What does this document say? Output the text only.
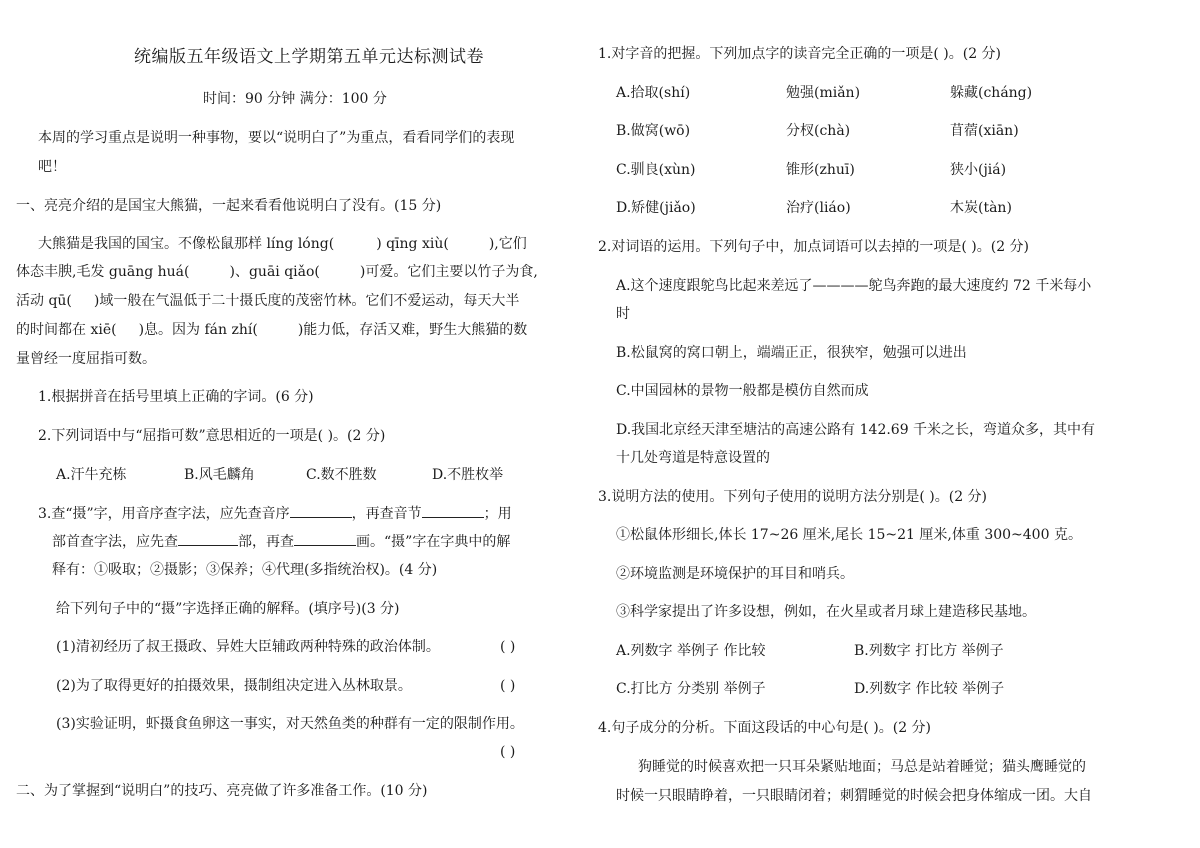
统编版五年级语文上学期第五单元达标测试卷
时间：90 分钟 满分：100 分
本周的学习重点是说明一种事物，要以“说明白了”为重点，看看同学们的表现
吧！
一、亮亮介绍的是国宝大熊猫，一起来看看他说明白了没有。(15 分)
大熊猫是我国的国宝。不像松鼠那样 líng lóng(	) qīng xiù(	),它们
体态丰腴,毛发 guāng huá(	)、guāi qiǎo(	)可爱。它们主要以竹子为食,
活动 qū( )域一般在气温低于二十摄氏度的茂密竹林。它们不爱运动，每天大半
的时间都在 xiē( )息。因为 fán zhí(	)能力低，存活又难，野生大熊猫的数
量曾经一度屈指可数。
1.根据拼音在括号里填上正确的字词。(6 分)
2.下列词语中与“屈指可数”意思相近的一项是( )。(2 分)
A.汗牛充栋	B.风毛麟角	C.数不胜数	D.不胜枚举
3.查“摄”字，用音序查字法，应先查音序	，再查音节	；用
部首查字法，应先查	部，再查	画。“摄”字在字典中的解
释有：①吸取；②摄影；③保养；④代理(多指统治权)。(4 分)
给下列句子中的“摄”字选择正确的解释。(填序号)(3 分)
(1)清初经历了叔王摄政、异姓大臣辅政两种特殊的政治体制。	( )
(2)为了取得更好的拍摄效果，摄制组决定进入丛林取景。	( )
(3)实验证明，虾摄食鱼卵这一事实，对天然鱼类的种群有一定的限制作用。
( )
二、为了掌握到“说明白”的技巧、亮亮做了许多准备工作。(10 分)
1.对字音的把握。下列加点字的读音完全正确的一项是( )。(2 分)
A.拾取(shí)	勉强(miǎn)	躲藏(cháng)
B.做窝(wō)	分杈(chà)	苜蓿(xiān)
C.驯良(xùn)	锥形(zhuī)	狭小(jiá)
D.矫健(jiǎo)	治疗(liáo)	木炭(tàn)
2.对词语的运用。下列句子中，加点词语可以去掉的一项是( )。(2 分)
A.这个速度跟鸵鸟比起来差远了————鸵鸟奔跑的最大速度约 72 千米每小
时
B.松鼠窝的窝口朝上，端端正正，很狭窄，勉强可以进出
C.中国园林的景物一般都是模仿自然而成
D.我国北京经天津至塘沽的高速公路有 142.69 千米之长，弯道众多，其中有
十几处弯道是特意设置的
3.说明方法的使用。下列句子使用的说明方法分别是( )。(2 分)
①松鼠体形细长,体长 17~26 厘米,尾长 15~21 厘米,体重 300~400 克。
②环境监测是环境保护的耳目和哨兵。
③科学家提出了许多设想，例如，在火星或者月球上建造移民基地。
A.列数字 举例子 作比较	B.列数字 打比方 举例子
C.打比方 分类别 举例子	D.列数字 作比较 举例子
4.句子成分的分析。下面这段话的中心句是( )。(2 分)
狗睡觉的时候喜欢把一只耳朵紧贴地面；马总是站着睡觉；猫头鹰睡觉的
时候一只眼睛睁着，一只眼睛闭着；刺猬睡觉的时候会把身体缩成一团。大自
